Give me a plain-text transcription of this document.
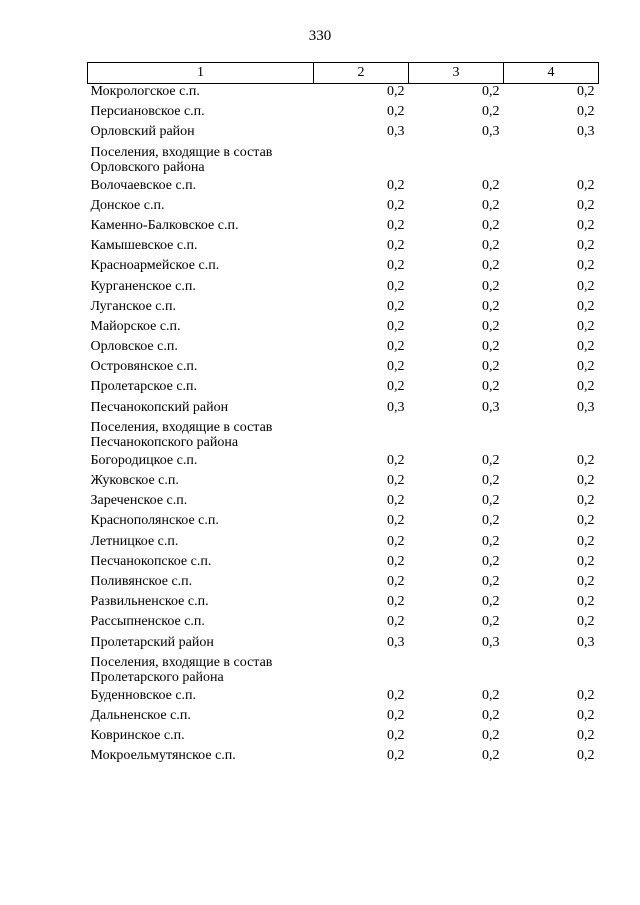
330
1	2	3	4
Мокрологское с.п.	0,2	0,2	0,2
Персиановское с.п.	0,2	0,2	0,2
Орловский район	0,3	0,3	0,3
Поселения, входящие в состав Орловского района			
Волочаевское с.п.	0,2	0,2	0,2
Донское с.п.	0,2	0,2	0,2
Каменно-Балковское с.п.	0,2	0,2	0,2
Камышевское с.п.	0,2	0,2	0,2
Красноармейское с.п.	0,2	0,2	0,2
Курганенское с.п.	0,2	0,2	0,2
Луганское с.п.	0,2	0,2	0,2
Майорское с.п.	0,2	0,2	0,2
Орловское с.п.	0,2	0,2	0,2
Островянское с.п.	0,2	0,2	0,2
Пролетарское с.п.	0,2	0,2	0,2
Песчанокопский район	0,3	0,3	0,3
Поселения, входящие в состав Песчанокопского района			
Богородицкое с.п.	0,2	0,2	0,2
Жуковское с.п.	0,2	0,2	0,2
Зареченское с.п.	0,2	0,2	0,2
Краснополянское с.п.	0,2	0,2	0,2
Летницкое с.п.	0,2	0,2	0,2
Песчанокопское с.п.	0,2	0,2	0,2
Поливянское с.п.	0,2	0,2	0,2
Развильненское с.п.	0,2	0,2	0,2
Рассыпненское с.п.	0,2	0,2	0,2
Пролетарский район	0,3	0,3	0,3
Поселения, входящие в состав Пролетарского района			
Буденновское с.п.	0,2	0,2	0,2
Дальненское с.п.	0,2	0,2	0,2
Ковринское с.п.	0,2	0,2	0,2
Мокроельмутянское с.п.	0,2	0,2	0,2
